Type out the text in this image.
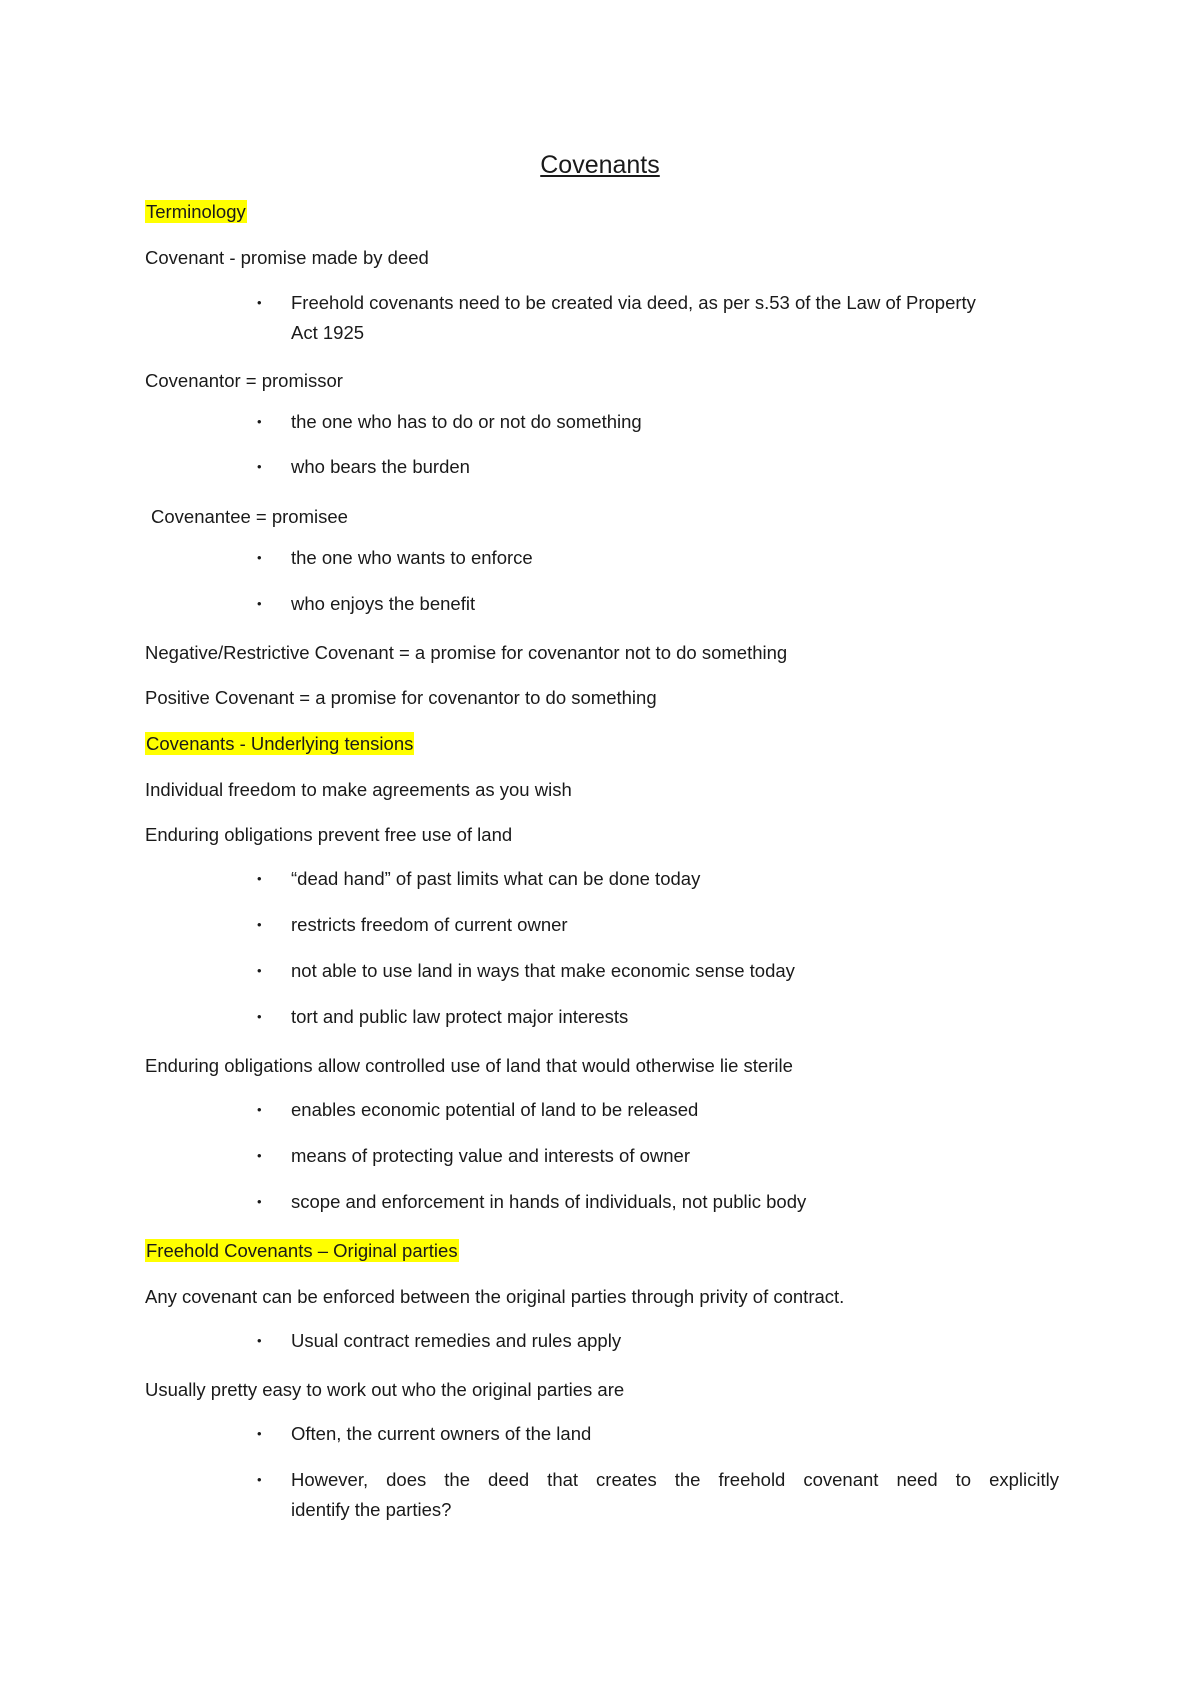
Covenants
Terminology
Covenant - promise made by deed
• Freehold covenants need to be created via deed, as per s.53 of the Law of Property
Act 1925
Covenantor = promissor
• the one who has to do or not do something
• who bears the burden
Covenantee = promisee
• the one who wants to enforce
• who enjoys the benefit
Negative/Restrictive Covenant = a promise for covenantor not to do something
Positive Covenant = a promise for covenantor to do something
Covenants - Underlying tensions
Individual freedom to make agreements as you wish
Enduring obligations prevent free use of land
• “dead hand” of past limits what can be done today
• restricts freedom of current owner
• not able to use land in ways that make economic sense today
• tort and public law protect major interests
Enduring obligations allow controlled use of land that would otherwise lie sterile
• enables economic potential of land to be released
• means of protecting value and interests of owner
• scope and enforcement in hands of individuals, not public body
Freehold Covenants – Original parties
Any covenant can be enforced between the original parties through privity of contract.
• Usual contract remedies and rules apply
Usually pretty easy to work out who the original parties are
• Often, the current owners of the land
• However, does the deed that creates the freehold covenant need to explicitly
identify the parties?
